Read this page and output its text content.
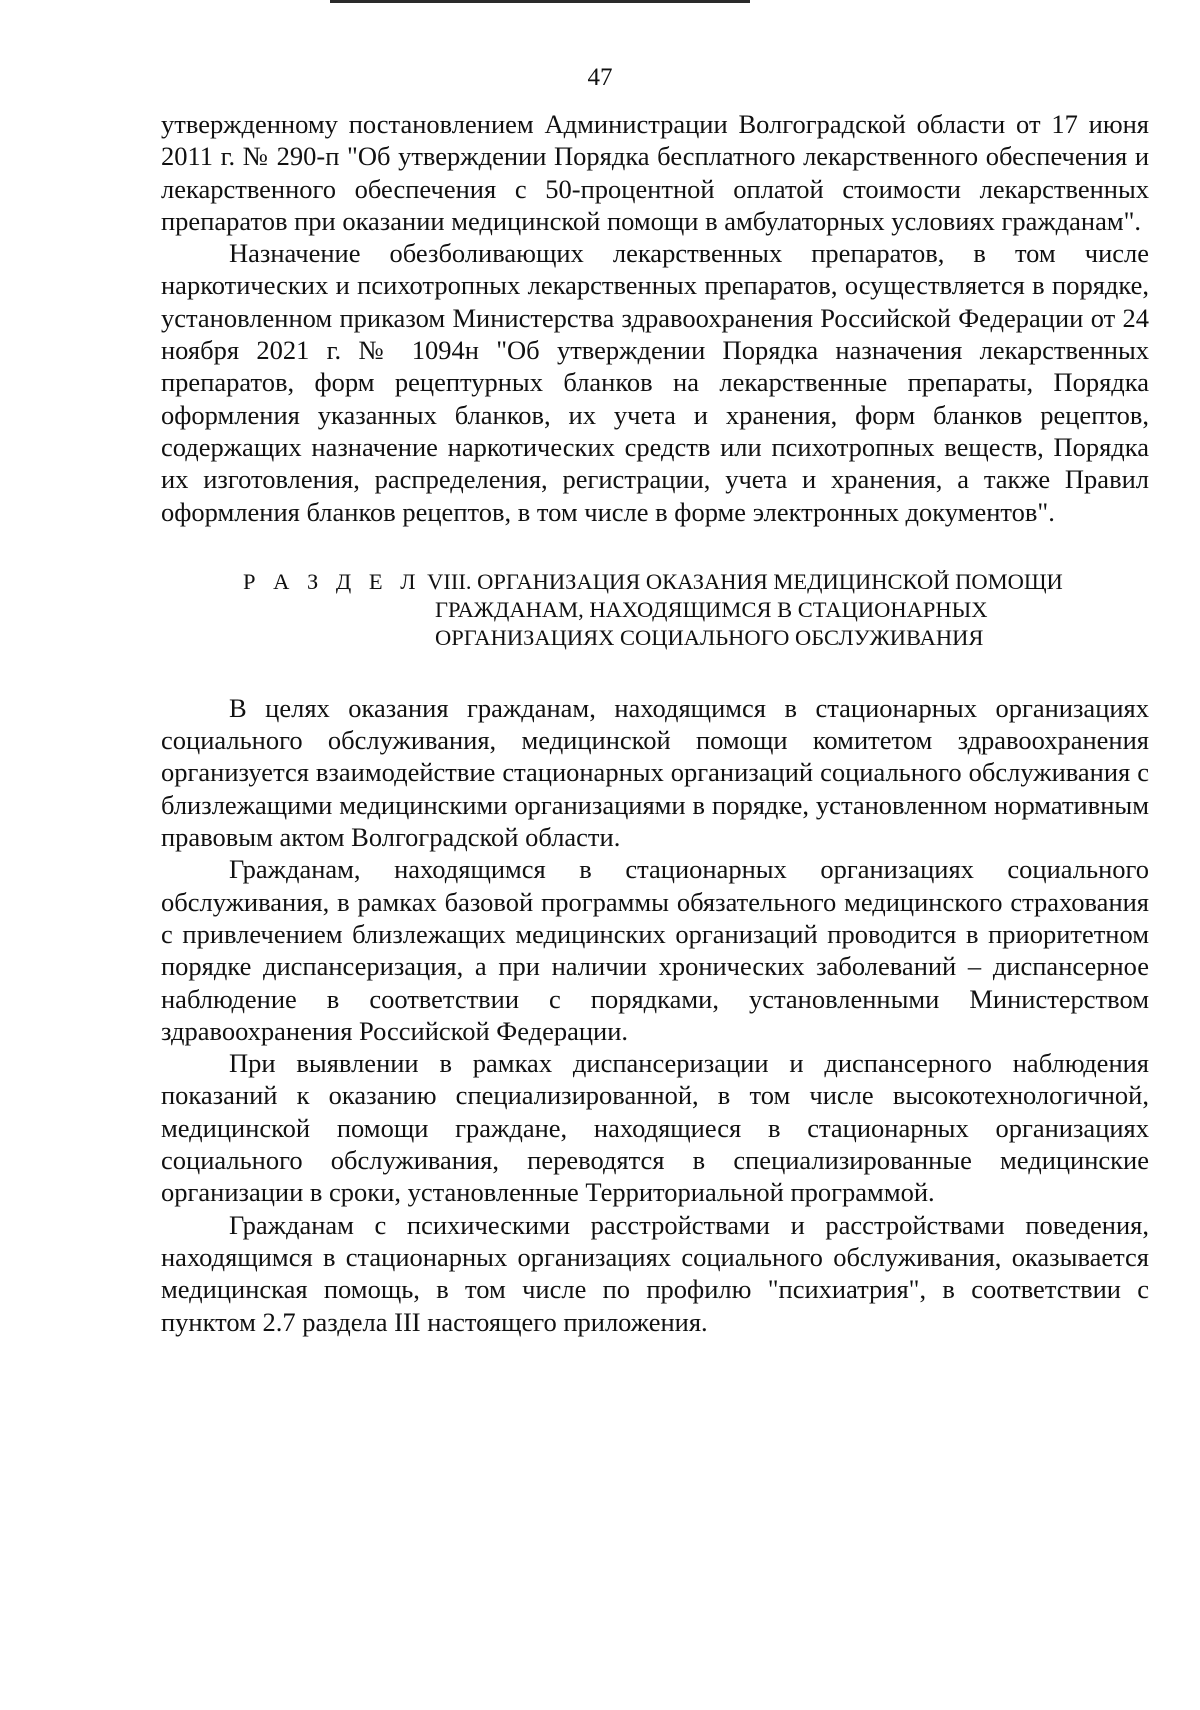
47

утвержденному постановлением Администрации Волгоградской области от 17 июня 2011 г. № 290-п "Об утверждении Порядка бесплатного лекарственного обеспечения и лекарственного обеспечения с 50-процентной оплатой стоимости лекарственных препаратов при оказании медицинской помощи в амбулаторных условиях гражданам".

Назначение обезболивающих лекарственных препаратов, в том числе наркотических и психотропных лекарственных препаратов, осуществляется в порядке, установленном приказом Министерства здравоохранения Российской Федерации от 24 ноября 2021 г. № 1094н "Об утверждении Порядка назначения лекарственных препаратов, форм рецептурных бланков на лекарственные препараты, Порядка оформления указанных бланков, их учета и хранения, форм бланков рецептов, содержащих назначение наркотических средств или психотропных веществ, Порядка их изготовления, распределения, регистрации, учета и хранения, а также Правил оформления бланков рецептов, в том числе в форме электронных документов".

Р А З Д Е Л VIII. ОРГАНИЗАЦИЯ ОКАЗАНИЯ МЕДИЦИНСКОЙ ПОМОЩИ
ГРАЖДАНАМ, НАХОДЯЩИМСЯ В СТАЦИОНАРНЫХ
ОРГАНИЗАЦИЯХ СОЦИАЛЬНОГО ОБСЛУЖИВАНИЯ

В целях оказания гражданам, находящимся в стационарных организациях социального обслуживания, медицинской помощи комитетом здравоохранения организуется взаимодействие стационарных организаций социального обслуживания с близлежащими медицинскими организациями в порядке, установленном нормативным правовым актом Волгоградской области.

Гражданам, находящимся в стационарных организациях социального обслуживания, в рамках базовой программы обязательного медицинского страхования с привлечением близлежащих медицинских организаций проводится в приоритетном порядке диспансеризация, а при наличии хронических заболеваний – диспансерное наблюдение в соответствии с порядками, установленными Министерством здравоохранения Российской Федерации.

При выявлении в рамках диспансеризации и диспансерного наблюдения показаний к оказанию специализированной, в том числе высокотехнологичной, медицинской помощи граждане, находящиеся в стационарных организациях социального обслуживания, переводятся в специализированные медицинские организации в сроки, установленные Территориальной программой.

Гражданам с психическими расстройствами и расстройствами поведения, находящимся в стационарных организациях социального обслуживания, оказывается медицинская помощь, в том числе по профилю "психиатрия", в соответствии с пунктом 2.7 раздела III настоящего приложения.
